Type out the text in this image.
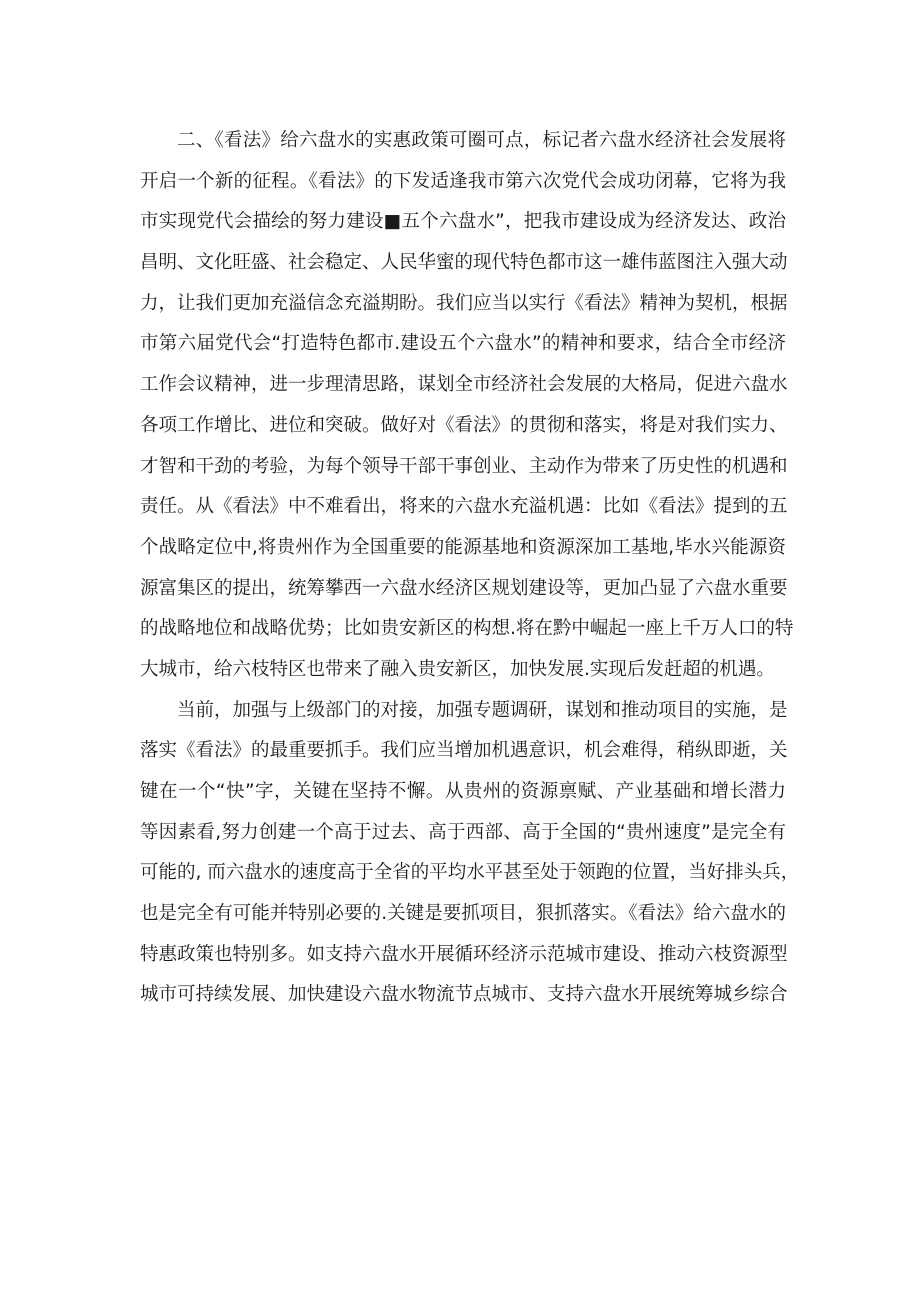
二、《看法》给六盘水的实惠政策可圈可点，标记者六盘水经济社会发展将
开启一个新的征程。《看法》的下发适逢我市第六次党代会成功闭幕，它将为我
市实现党代会描绘的努力建设■五个六盘水”，把我市建设成为经济发达、政治
昌明、文化旺盛、社会稳定、人民华蜜的现代特色都市这一雄伟蓝图注入强大动
力，让我们更加充溢信念充溢期盼。我们应当以实行《看法》精神为契机，根据
市第六届党代会“打造特色都市.建设五个六盘水”的精神和要求，结合全市经济
工作会议精神，进一步理清思路，谋划全市经济社会发展的大格局，促进六盘水
各项工作增比、进位和突破。做好对《看法》的贯彻和落实，将是对我们实力、
才智和干劲的考验，为每个领导干部干事创业、主动作为带来了历史性的机遇和
责任。从《看法》中不难看出，将来的六盘水充溢机遇：比如《看法》提到的五
个战略定位中,将贵州作为全国重要的能源基地和资源深加工基地,毕水兴能源资
源富集区的提出，统筹攀西一六盘水经济区规划建设等，更加凸显了六盘水重要
的战略地位和战略优势；比如贵安新区的构想.将在黔中崛起一座上千万人口的特
大城市，给六枝特区也带来了融入贵安新区，加快发展.实现后发赶超的机遇。
当前，加强与上级部门的对接，加强专题调研，谋划和推动项目的实施，是
落实《看法》的最重要抓手。我们应当增加机遇意识，机会难得，稍纵即逝，关
键在一个“快”字，关键在坚持不懈。从贵州的资源禀赋、产业基础和增长潜力
等因素看,努力创建一个高于过去、高于西部、高于全国的“贵州速度”是完全有
可能的, 而六盘水的速度高于全省的平均水平甚至处于领跑的位置，当好排头兵，
也是完全有可能并特别必要的.关键是要抓项目，狠抓落实。《看法》给六盘水的
特惠政策也特别多。如支持六盘水开展循环经济示范城市建设、推动六枝资源型
城市可持续发展、加快建设六盘水物流节点城市、支持六盘水开展统筹城乡综合
